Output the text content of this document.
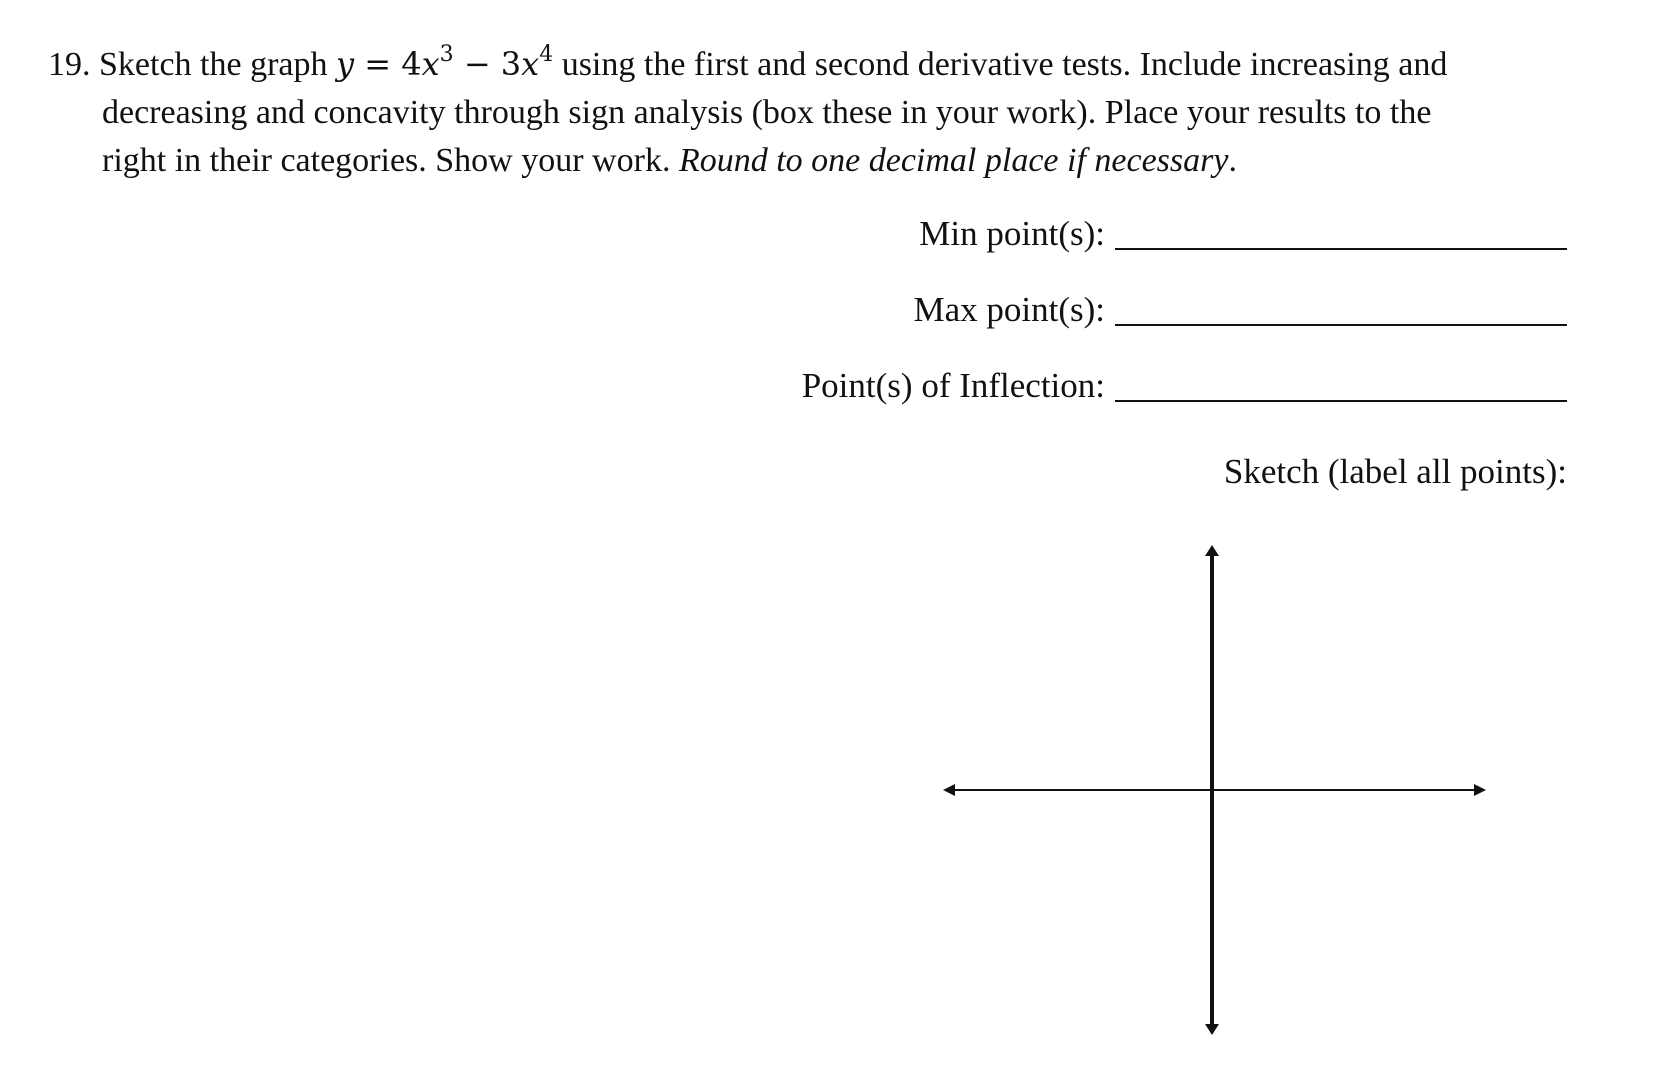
19. Sketch the graph $y = 4x^3 - 3x^4$ using the first and second derivative tests. Include increasing and
decreasing and concavity through sign analysis (box these in your work). Place your results to the
right in their categories. Show your work. Round to one decimal place if necessary.
Min point(s):
Max point(s):
Point(s) of Inflection:
Sketch (label all points):
